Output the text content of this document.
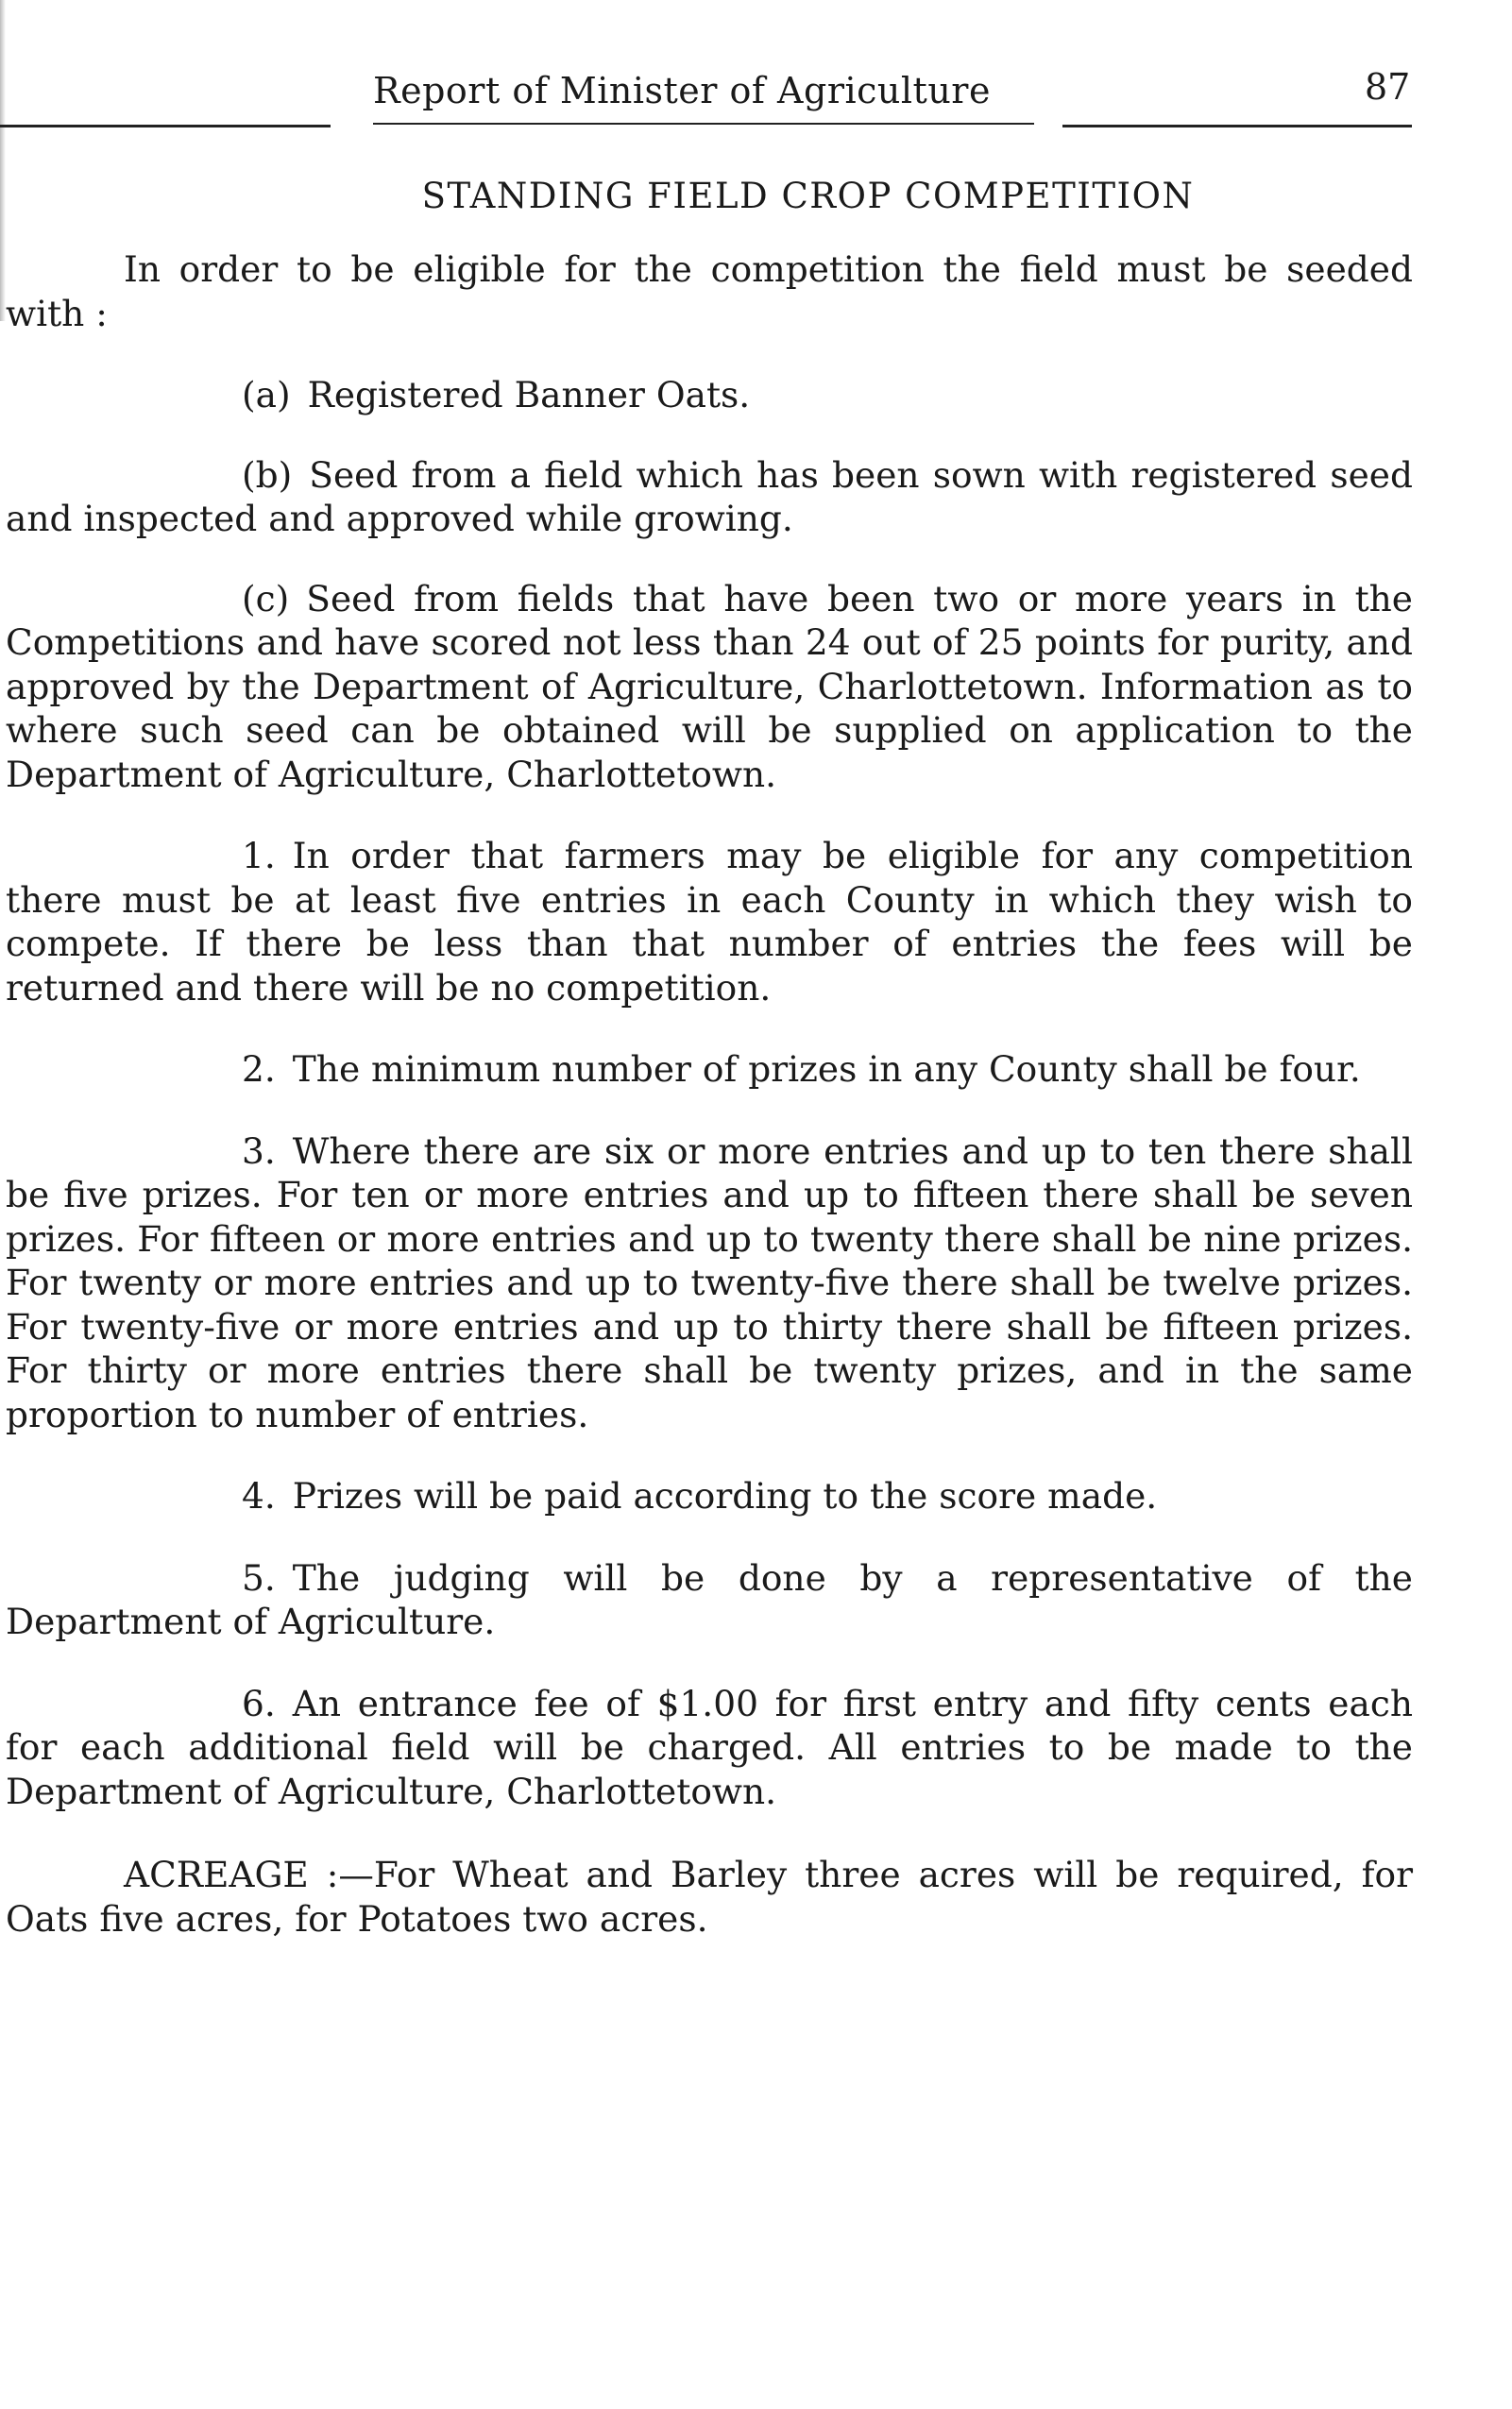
Report of Minister of Agriculture	87
STANDING FIELD CROP COMPETITION

In order to be eligible for the competition the field must be seeded with :

(a) Registered Banner Oats.

(b) Seed from a field which has been sown with registered seed and inspected and approved while growing.

(c) Seed from fields that have been two or more years in the Competitions and have scored not less than 24 out of 25 points for purity, and approved by the Department of Agriculture, Charlottetown. Information as to where such seed can be obtained will be supplied on application to the Department of Agriculture, Charlottetown.

1. In order that farmers may be eligible for any competition there must be at least five entries in each County in which they wish to compete. If there be less than that number of entries the fees will be returned and there will be no competition.

2. The minimum number of prizes in any County shall be four.

3. Where there are six or more entries and up to ten there shall be five prizes. For ten or more entries and up to fifteen there shall be seven prizes. For fifteen or more entries and up to twenty there shall be nine prizes. For twenty or more entries and up to twenty-five there shall be twelve prizes. For twenty-five or more entries and up to thirty there shall be fifteen prizes. For thirty or more entries there shall be twenty prizes, and in the same proportion to number of entries.

4. Prizes will be paid according to the score made.

5. The judging will be done by a representative of the Department of Agriculture.

6. An entrance fee of $1.00 for first entry and fifty cents each for each additional field will be charged. All entries to be made to the Department of Agriculture, Charlottetown.

ACREAGE :—For Wheat and Barley three acres will be required, for Oats five acres, for Potatoes two acres.
